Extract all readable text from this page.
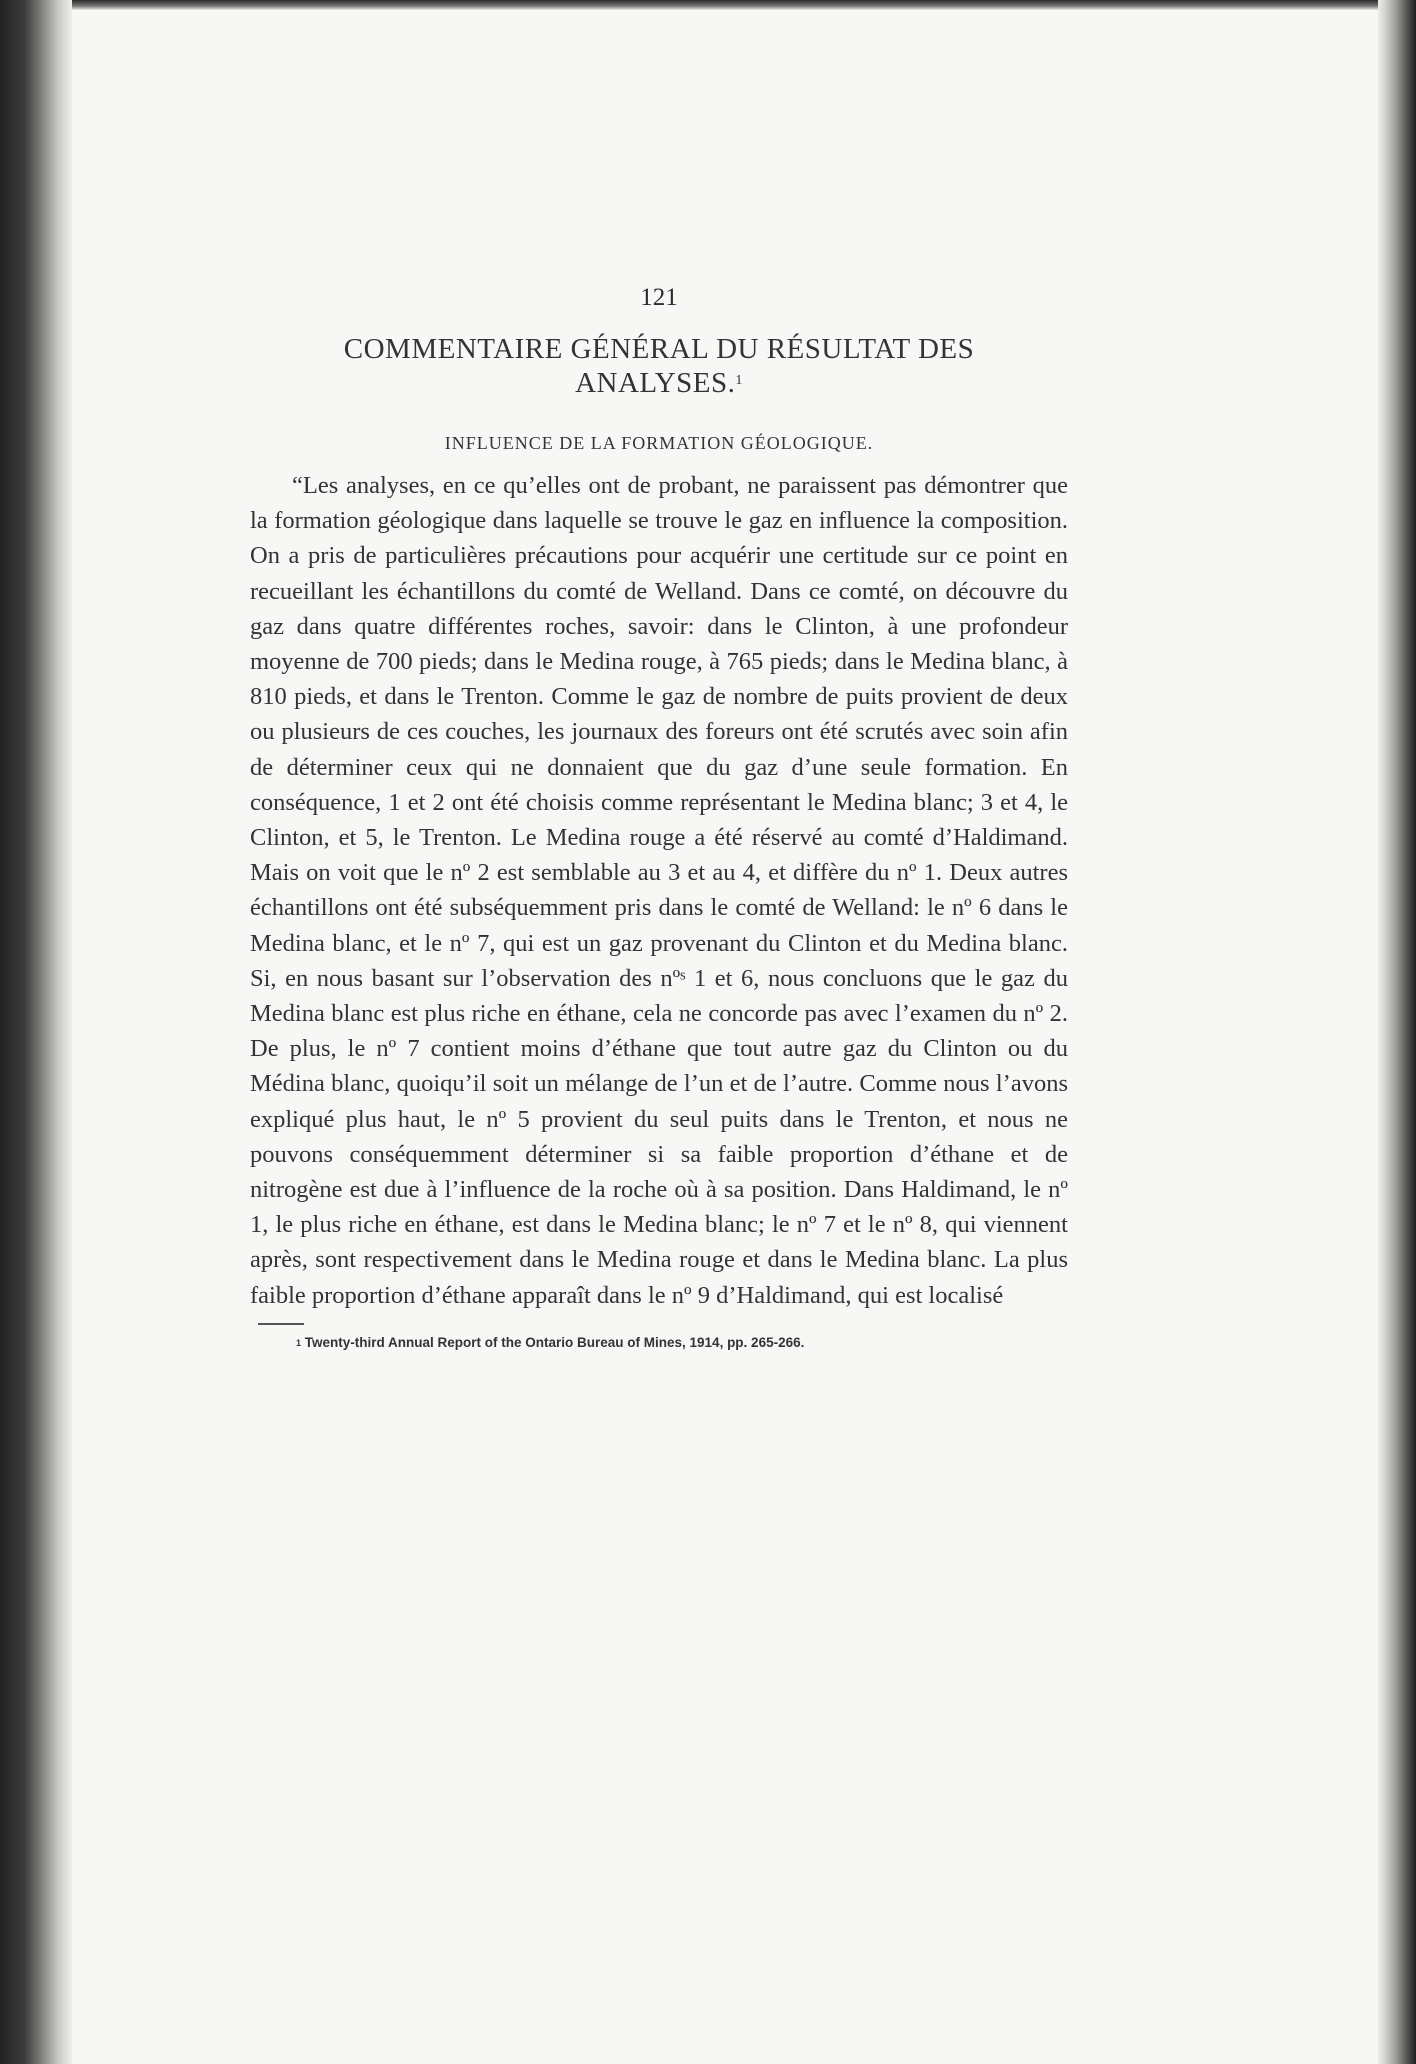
121
COMMENTAIRE GÉNÉRAL DU RÉSULTAT DES
ANALYSES.$^1$
INFLUENCE DE LA FORMATION GÉOLOGIQUE.

“Les analyses, en ce qu’elles ont de probant, ne paraissent pas démontrer que la formation géologique dans laquelle se trouve le gaz en influence la composition. On a pris de particulières précautions pour acquérir une certitude sur ce point en recueillant les échantillons du comté de Welland. Dans ce comté, on découvre du gaz dans quatre différentes roches, savoir: dans le Clinton, à une profondeur moyenne de 700 pieds; dans le Medina rouge, à 765 pieds; dans le Medina blanc, à 810 pieds, et dans le Trenton. Comme le gaz de nombre de puits provient de deux ou plusieurs de ces couches, les journaux des foreurs ont été scrutés avec soin afin de déterminer ceux qui ne donnaient que du gaz d’une seule formation. En conséquence, 1 et 2 ont été choisis comme représentant le Medina blanc; 3 et 4, le Clinton, et 5, le Trenton. Le Medina rouge a été réservé au comté d’Haldimand. Mais on voit que le nº 2 est semblable au 3 et au 4, et diffère du nº 1. Deux autres échantillons ont été subséquemment pris dans le comté de Welland: le nº 6 dans le Medina blanc, et le nº 7, qui est un gaz provenant du Clinton et du Medina blanc. Si, en nous basant sur l’observation des nºˢ 1 et 6, nous concluons que le gaz du Medina blanc est plus riche en éthane, cela ne concorde pas avec l’examen du nº 2. De plus, le nº 7 contient moins d’éthane que tout autre gaz du Clinton ou du Médina blanc, quoiqu’il soit un mélange de l’un et de l’autre. Comme nous l’avons expliqué plus haut, le nº 5 provient du seul puits dans le Trenton, et nous ne pouvons conséquemment déterminer si sa faible proportion d’éthane et de nitrogène est due à l’influence de la roche où à sa position. Dans Haldimand, le nº 1, le plus riche en éthane, est dans le Medina blanc; le nº 7 et le nº 8, qui viennent après, sont respectivement dans le Medina rouge et dans le Medina blanc. La plus faible proportion d’éthane apparaît dans le nº 9 d’Haldimand, qui est localisé

$^1$ Twenty-third Annual Report of the Ontario Bureau of Mines, 1914, pp. 265-266.
